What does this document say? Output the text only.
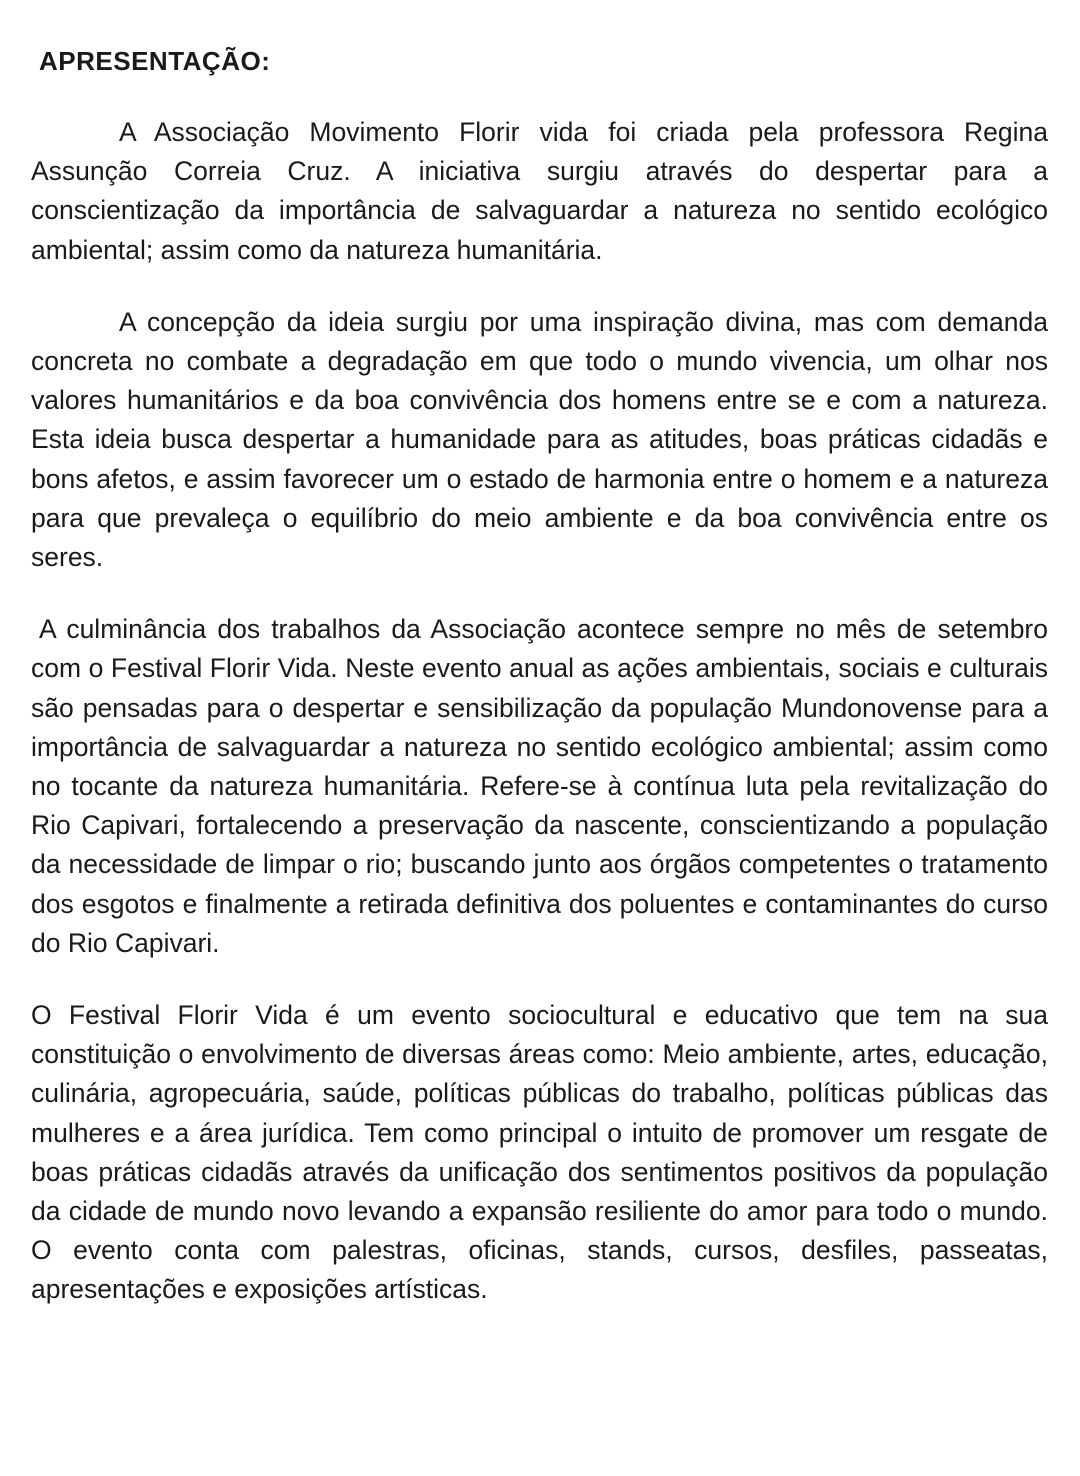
APRESENTAÇÃO:

A Associação Movimento Florir vida foi criada pela professora Regina Assunção Correia Cruz. A iniciativa surgiu através do despertar para a conscientização da importância de salvaguardar a natureza no sentido ecológico ambiental; assim como da natureza humanitária.

A concepção da ideia surgiu por uma inspiração divina, mas com demanda concreta no combate a degradação em que todo o mundo vivencia, um olhar nos valores humanitários e da boa convivência dos homens entre se e com a natureza. Esta ideia busca despertar a humanidade para as atitudes, boas práticas cidadãs e bons afetos, e assim favorecer um o estado de harmonia entre o homem e a natureza para que prevaleça o equilíbrio do meio ambiente e da boa convivência entre os seres.

A culminância dos trabalhos da Associação acontece sempre no mês de setembro com o Festival Florir Vida. Neste evento anual as ações ambientais, sociais e culturais são pensadas para o despertar e sensibilização da população Mundonovense para a importância de salvaguardar a natureza no sentido ecológico ambiental; assim como no tocante da natureza humanitária. Refere-se à contínua luta pela revitalização do Rio Capivari, fortalecendo a preservação da nascente, conscientizando a população da necessidade de limpar o rio; buscando junto aos órgãos competentes o tratamento dos esgotos e finalmente a retirada definitiva dos poluentes e contaminantes do curso do Rio Capivari.

O Festival Florir Vida é um evento sociocultural e educativo que tem na sua constituição o envolvimento de diversas áreas como: Meio ambiente, artes, educação, culinária, agropecuária, saúde, políticas públicas do trabalho, políticas públicas das mulheres e a área jurídica. Tem como principal o intuito de promover um resgate de boas práticas cidadãs através da unificação dos sentimentos positivos da população da cidade de mundo novo levando a expansão resiliente do amor para todo o mundo. O evento conta com palestras, oficinas, stands, cursos, desfiles, passeatas, apresentações e exposições artísticas.
